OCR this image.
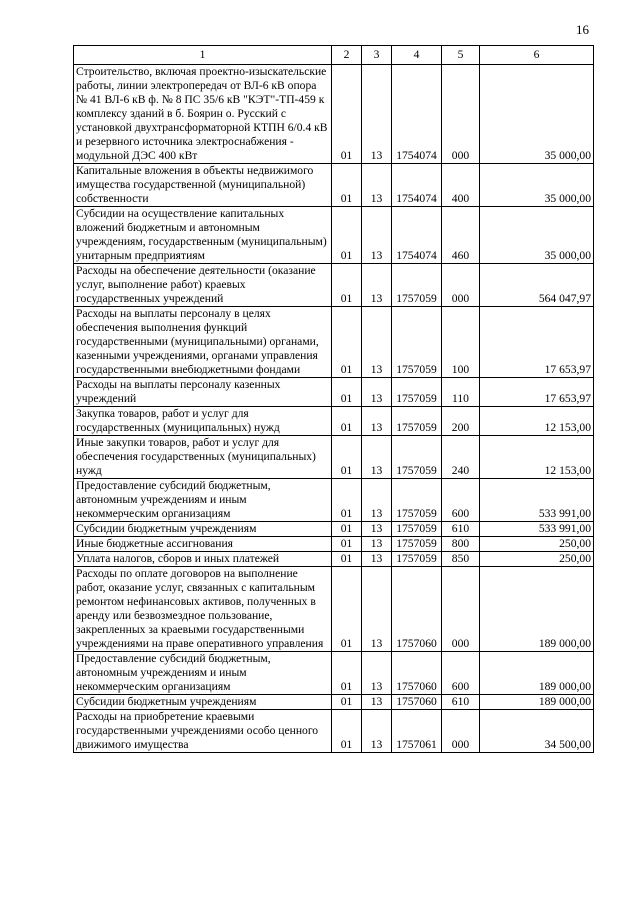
16
1	2	3	4	5	6
Строительство, включая проектно-изыскательские работы, линии электропередач от ВЛ-6 кВ опора № 41 ВЛ-6 кВ ф. № 8 ПС 35/6 кВ "КЭТ"-ТП-459 к комплексу зданий в б. Боярин о. Русский с установкой двухтрансформаторной КТПН 6/0.4 кВ и резервного источника электроснабжения - модульной ДЭС 400 кВт	01	13	1754074	000	35 000,00
Капитальные вложения в объекты недвижимого имущества государственной (муниципальной) собственности	01	13	1754074	400	35 000,00
Субсидии на осуществление капитальных вложений бюджетным и автономным учреждениям, государственным (муниципальным) унитарным предприятиям	01	13	1754074	460	35 000,00
Расходы на обеспечение деятельности (оказание услуг, выполнение работ) краевых государственных учреждений	01	13	1757059	000	564 047,97
Расходы на выплаты персоналу в целях обеспечения выполнения функций государственными (муниципальными) органами, казенными учреждениями, органами управления государственными внебюджетными фондами	01	13	1757059	100	17 653,97
Расходы на выплаты персоналу казенных учреждений	01	13	1757059	110	17 653,97
Закупка товаров, работ и услуг для государственных (муниципальных) нужд	01	13	1757059	200	12 153,00
Иные закупки товаров, работ и услуг для обеспечения государственных (муниципальных) нужд	01	13	1757059	240	12 153,00
Предоставление субсидий бюджетным, автономным учреждениям и иным некоммерческим организациям	01	13	1757059	600	533 991,00
Субсидии бюджетным учреждениям	01	13	1757059	610	533 991,00
Иные бюджетные ассигнования	01	13	1757059	800	250,00
Уплата налогов, сборов и иных платежей	01	13	1757059	850	250,00
Расходы по оплате договоров на выполнение работ, оказание услуг, связанных с капитальным ремонтом нефинансовых активов, полученных в аренду или безвозмездное пользование, закрепленных за краевыми государственными учреждениями на праве оперативного управления	01	13	1757060	000	189 000,00
Предоставление субсидий бюджетным, автономным учреждениям и иным некоммерческим организациям	01	13	1757060	600	189 000,00
Субсидии бюджетным учреждениям	01	13	1757060	610	189 000,00
Расходы на приобретение краевыми государственными учреждениями особо ценного движимого имущества	01	13	1757061	000	34 500,00
